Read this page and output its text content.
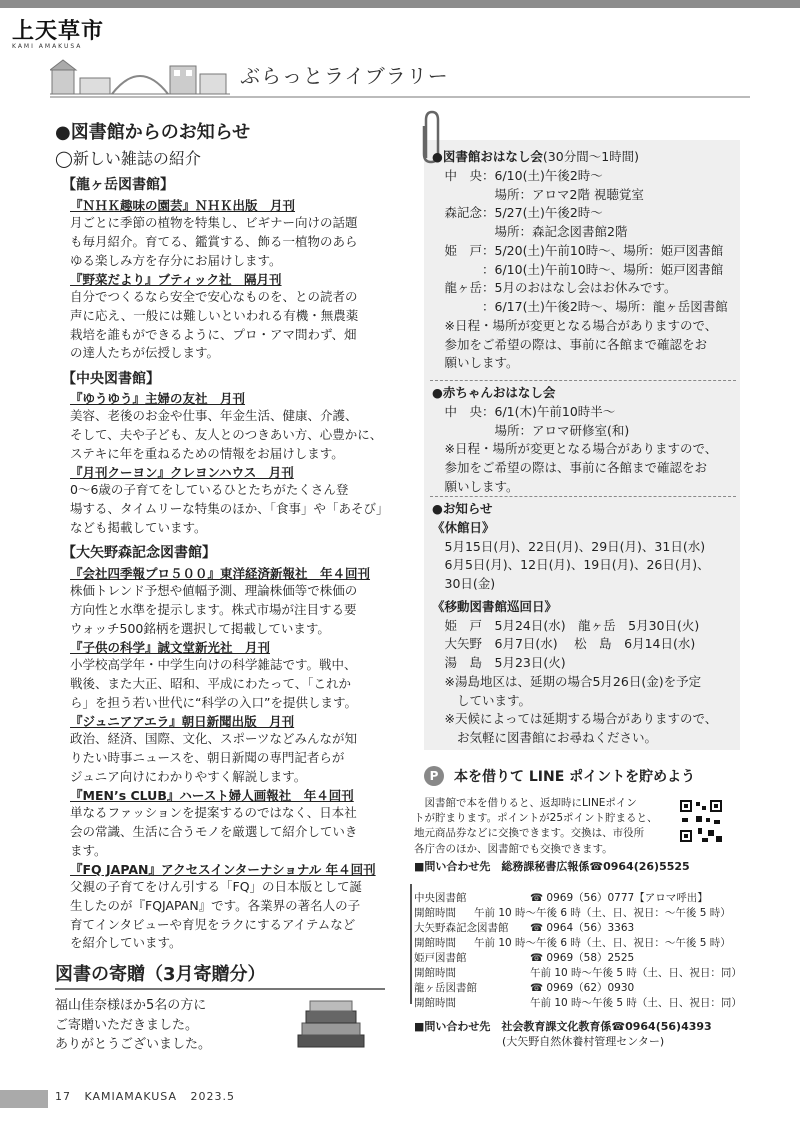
上天草市
KAMI AMAKUSA
ぶらっとライブラリー
●図書館からのお知らせ
◯新しい雑誌の紹介
【龍ヶ岳図書館】
『ＮＨＫ趣味の園芸』ＮＨＫ出版　月刊
月ごとに季節の植物を特集し、ビギナー向けの話題
も毎月紹介。育てる、鑑賞する、飾る一植物のあら
ゆる楽しみ方を存分にお届けします。
『野菜だより』ブティック社　隔月刊
自分でつくるなら安全で安心なものを、との読者の
声に応え、一般には難しいといわれる有機・無農薬
栽培を誰もができるように、プロ・アマ問わず、畑
の達人たちが伝授します。
【中央図書館】
『ゆうゆう』主婦の友社　月刊
美容、老後のお金や仕事、年金生活、健康、介護、
そして、夫や子ども、友人とのつきあい方、心豊かに、
ステキに年を重ねるための情報をお届けします。
『月刊クーヨン』クレヨンハウス　月刊
0〜6歳の子育てをしているひとたちがたくさん登
場する、タイムリーな特集のほか、「食事」や「あそび」
なども掲載しています。
【大矢野森記念図書館】
『会社四季報プロ５００』東洋経済新報社　年４回刊
株価トレンド予想や値幅予測、理論株価等で株価の
方向性と水準を提示します。株式市場が注目する要
ウォッチ500銘柄を選択して掲載しています。
『子供の科学』誠文堂新光社　月刊
小学校高学年・中学生向けの科学雑誌です。戦中、
戦後、また大正、昭和、平成にわたって、「これか
ら」を担う若い世代に“科学の入口”を提供します。
『ジュニアアエラ』朝日新聞出版　月刊
政治、経済、国際、文化、スポーツなどみんなが知
りたい時事ニュースを、朝日新聞の専門記者らが
ジュニア向けにわかりやすく解説します。
『MEN’s CLUB』ハースト婦人画報社　年４回刊
単なるファッションを提案するのではなく、日本社
会の常識、生活に合うモノを厳選して紹介していき
ます。
『FQ JAPAN』アクセスインターナショナル 年４回刊
父親の子育てをけん引する「FQ」の日本版として誕
生したのが『FQJAPAN』です。各業界の著名人の子
育てインタビューや育児をラクにするアイテムなど
を紹介しています。
図書の寄贈（3月寄贈分）
福山佳奈様ほか5名の方に
ご寄贈いただきました。
ありがとうございました。
●図書館おはなし会(30分間〜1時間)
　中　央：6/10(土)午後2時〜
　　　　　場所：アロマ2階 視聴覚室
　森記念：5/27(土)午後2時〜
　　　　　場所：森記念図書館2階
　姫　戸：5/20(土)午前10時〜、場所：姫戸図書館
　　　　：6/10(土)午前10時〜、場所：姫戸図書館
　龍ヶ岳：5月のおはなし会はお休みです。
　　　　：6/17(土)午後2時〜、場所：龍ヶ岳図書館
　※日程・場所が変更となる場合がありますので、
　参加をご希望の際は、事前に各館まで確認をお
　願いします。
●赤ちゃんおはなし会
　中　央：6/1(木)午前10時半〜
　　　　　場所：アロマ研修室(和)
　※日程・場所が変更となる場合がありますので、
　参加をご希望の際は、事前に各館まで確認をお
　願いします。
●お知らせ
《休館日》
　5月15日(月)、22日(月)、29日(月)、31日(水)
　6月5日(月)、12日(月)、19日(月)、26日(月)、
　30日(金)
《移動図書館巡回日》
　姫　戸　5月24日(水)　龍ヶ岳　5月30日(火)
　大矢野　6月7日(水)　 松　島　6月14日(水)
　湯　島　5月23日(火)
　※湯島地区は、延期の場合5月26日(金)を予定
　　しています。
　※天候によっては延期する場合がありますので、
　　お気軽に図書館にお尋ねください。
P	本を借りて LINE ポイントを貯めよう
　図書館で本を借りると、返却時にLINEポイン
トが貯まります。ポイントが25ポイント貯まると、
地元商品券などに交換できます。交換は、市役所
各庁舎のほか、図書館でも交換できます。
■問い合わせ先　総務課秘書広報係☎0964(26)5525
中央図書館	☎ 0969（56）0777【アロマ呼出】
開館時間 午前 10 時〜午後 6 時（土、日、祝日：〜午後 5 時）
大矢野森記念図書館 ☎ 0964（56）3363
開館時間 午前 10 時〜午後 6 時（土、日、祝日：〜午後 5 時）
姫戸図書館	☎ 0969（58）2525
開館時間	午前 10 時〜午後 5 時（土、日、祝日：同）
龍ヶ岳図書館	☎ 0969（62）0930
開館時間	午前 10 時〜午後 5 時（土、日、祝日：同）
■問い合わせ先　社会教育課文化教育係☎0964(56)4393
　　　　　　　　(大矢野自然休養村管理センター)
17 KAMIAMAKUSA 2023.5
